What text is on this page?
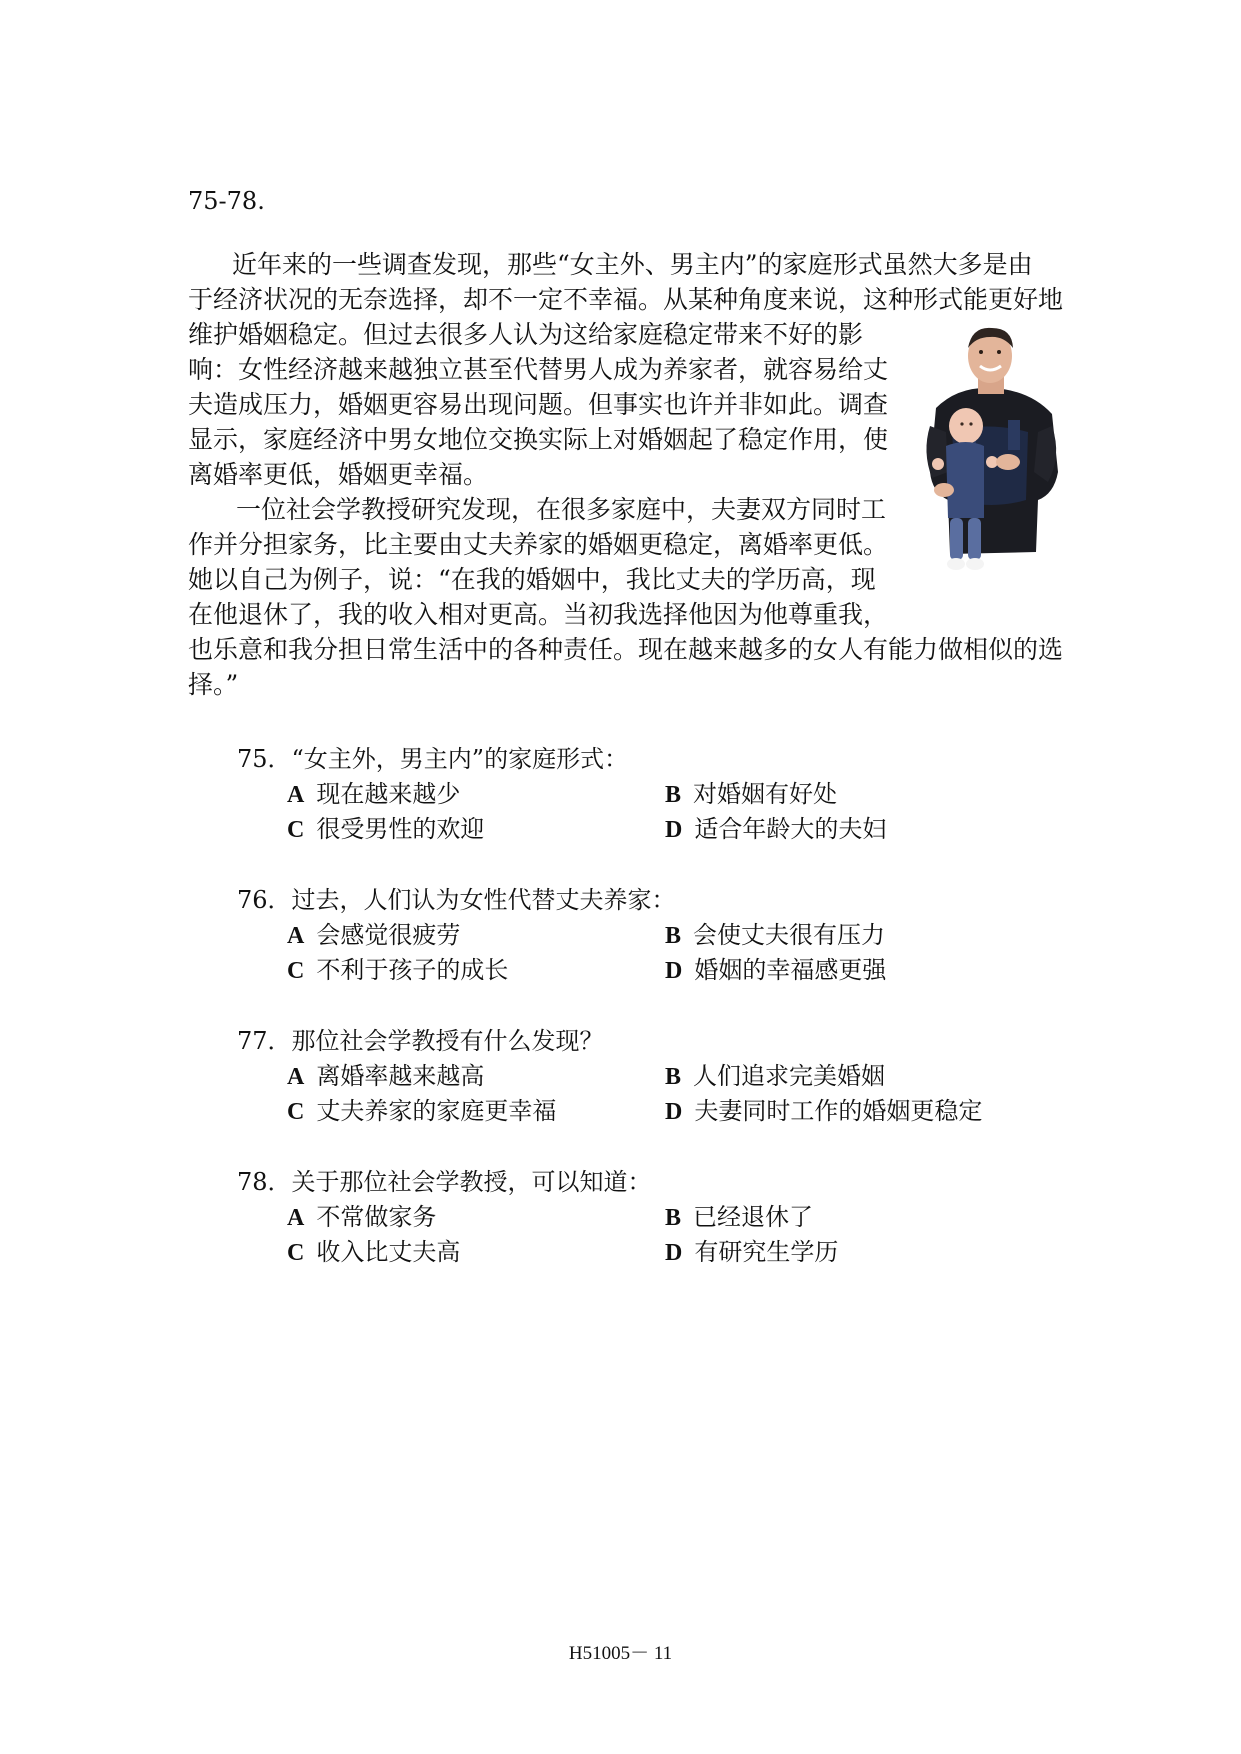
75-78.
近年来的一些调查发现，那些“女主外、男主内”的家庭形式虽然大多是由
于经济状况的无奈选择，却不一定不幸福。从某种角度来说，这种形式能更好地
维护婚姻稳定。但过去很多人认为这给家庭稳定带来不好的影
响：女性经济越来越独立甚至代替男人成为养家者，就容易给丈
夫造成压力，婚姻更容易出现问题。但事实也许并非如此。调查
显示，家庭经济中男女地位交换实际上对婚姻起了稳定作用，使
离婚率更低，婚姻更幸福。
一位社会学教授研究发现，在很多家庭中，夫妻双方同时工
作并分担家务，比主要由丈夫养家的婚姻更稳定，离婚率更低。
她以自己为例子，说：“在我的婚姻中，我比丈夫的学历高，现
在他退休了，我的收入相对更高。当初我选择他因为他尊重我，
也乐意和我分担日常生活中的各种责任。现在越来越多的女人有能力做相似的选
择。”
75．“女主外，男主内”的家庭形式：
A 现在越来越少	B 对婚姻有好处
C 很受男性的欢迎	D 适合年龄大的夫妇
76．过去，人们认为女性代替丈夫养家：
A 会感觉很疲劳	B 会使丈夫很有压力
C 不利于孩子的成长	D 婚姻的幸福感更强
77．那位社会学教授有什么发现？
A 离婚率越来越高	B 人们追求完美婚姻
C 丈夫养家的家庭更幸福	D 夫妻同时工作的婚姻更稳定
78．关于那位社会学教授，可以知道：
A 不常做家务	B 已经退休了
C 收入比丈夫高	D 有研究生学历
H51005－ 11
